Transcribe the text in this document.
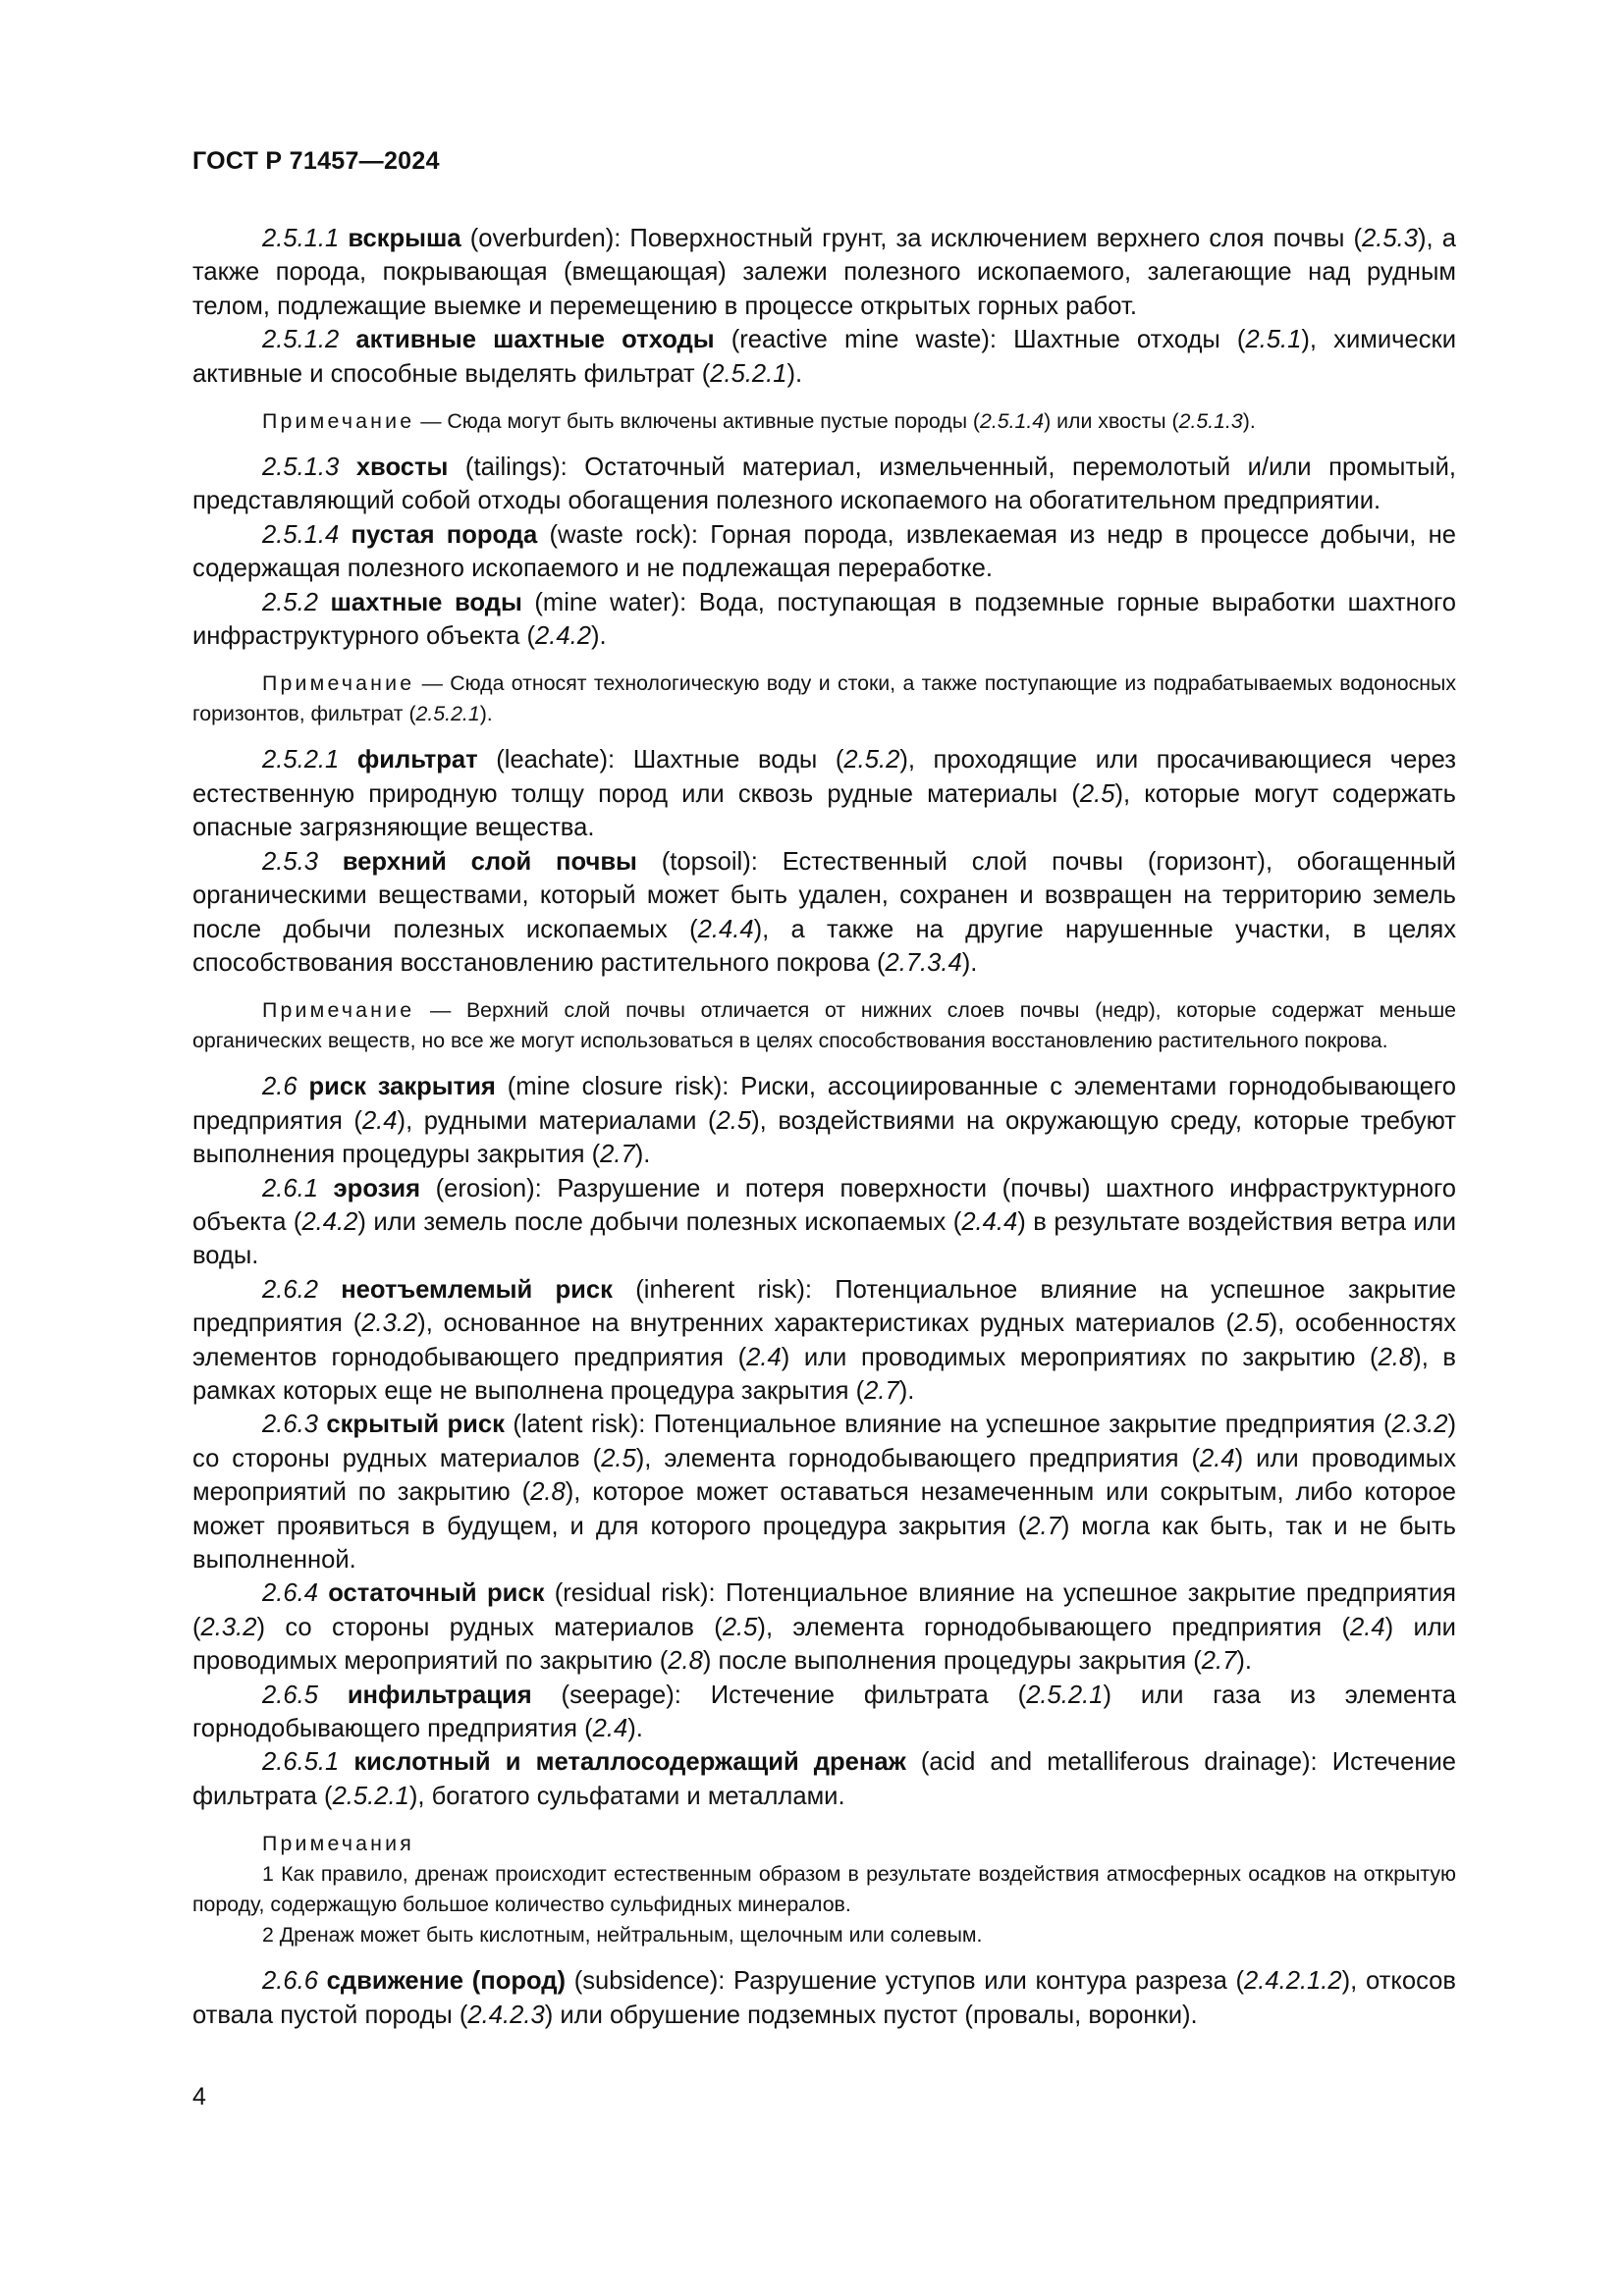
ГОСТ Р 71457—2024

2.5.1.1 вскрыша (overburden): Поверхностный грунт, за исключением верхнего слоя почвы (2.5.3), а также порода, покрывающая (вмещающая) залежи полезного ископаемого, залегающие над рудным телом, подлежащие выемке и перемещению в процессе открытых горных работ.

2.5.1.2 активные шахтные отходы (reactive mine waste): Шахтные отходы (2.5.1), химически активные и способные выделять фильтрат (2.5.2.1).

Примечание — Сюда могут быть включены активные пустые породы (2.5.1.4) или хвосты (2.5.1.3).

2.5.1.3 хвосты (tailings): Остаточный материал, измельченный, перемолотый и/или промытый, представляющий собой отходы обогащения полезного ископаемого на обогатительном предприятии.

2.5.1.4 пустая порода (waste rock): Горная порода, извлекаемая из недр в процессе добычи, не содержащая полезного ископаемого и не подлежащая переработке.

2.5.2 шахтные воды (mine water): Вода, поступающая в подземные горные выработки шахтного инфраструктурного объекта (2.4.2).

Примечание — Сюда относят технологическую воду и стоки, а также поступающие из подрабатываемых водоносных горизонтов, фильтрат (2.5.2.1).

2.5.2.1 фильтрат (leachate): Шахтные воды (2.5.2), проходящие или просачивающиеся через естественную природную толщу пород или сквозь рудные материалы (2.5), которые могут содержать опасные загрязняющие вещества.

2.5.3 верхний слой почвы (topsoil): Естественный слой почвы (горизонт), обогащенный органическими веществами, который может быть удален, сохранен и возвращен на территорию земель после добычи полезных ископаемых (2.4.4), а также на другие нарушенные участки, в целях способствования восстановлению растительного покрова (2.7.3.4).

Примечание — Верхний слой почвы отличается от нижних слоев почвы (недр), которые содержат меньше органических веществ, но все же могут использоваться в целях способствования восстановлению растительного покрова.

2.6 риск закрытия (mine closure risk): Риски, ассоциированные с элементами горнодобывающего предприятия (2.4), рудными материалами (2.5), воздействиями на окружающую среду, которые требуют выполнения процедуры закрытия (2.7).

2.6.1 эрозия (erosion): Разрушение и потеря поверхности (почвы) шахтного инфраструктурного объекта (2.4.2) или земель после добычи полезных ископаемых (2.4.4) в результате воздействия ветра или воды.

2.6.2 неотъемлемый риск (inherent risk): Потенциальное влияние на успешное закрытие предприятия (2.3.2), основанное на внутренних характеристиках рудных материалов (2.5), особенностях элементов горнодобывающего предприятия (2.4) или проводимых мероприятиях по закрытию (2.8), в рамках которых еще не выполнена процедура закрытия (2.7).

2.6.3 скрытый риск (latent risk): Потенциальное влияние на успешное закрытие предприятия (2.3.2) со стороны рудных материалов (2.5), элемента горнодобывающего предприятия (2.4) или проводимых мероприятий по закрытию (2.8), которое может оставаться незамеченным или сокрытым, либо которое может проявиться в будущем, и для которого процедура закрытия (2.7) могла как быть, так и не быть выполненной.

2.6.4 остаточный риск (residual risk): Потенциальное влияние на успешное закрытие предприятия (2.3.2) со стороны рудных материалов (2.5), элемента горнодобывающего предприятия (2.4) или проводимых мероприятий по закрытию (2.8) после выполнения процедуры закрытия (2.7).

2.6.5 инфильтрация (seepage): Истечение фильтрата (2.5.2.1) или газа из элемента горнодобывающего предприятия (2.4).

2.6.5.1 кислотный и металлосодержащий дренаж (acid and metalliferous drainage): Истечение фильтрата (2.5.2.1), богатого сульфатами и металлами.

Примечания

1 Как правило, дренаж происходит естественным образом в результате воздействия атмосферных осадков на открытую породу, содержащую большое количество сульфидных минералов.

2 Дренаж может быть кислотным, нейтральным, щелочным или солевым.

2.6.6 сдвижение (пород) (subsidence): Разрушение уступов или контура разреза (2.4.2.1.2), откосов отвала пустой породы (2.4.2.3) или обрушение подземных пустот (провалы, воронки).

4
